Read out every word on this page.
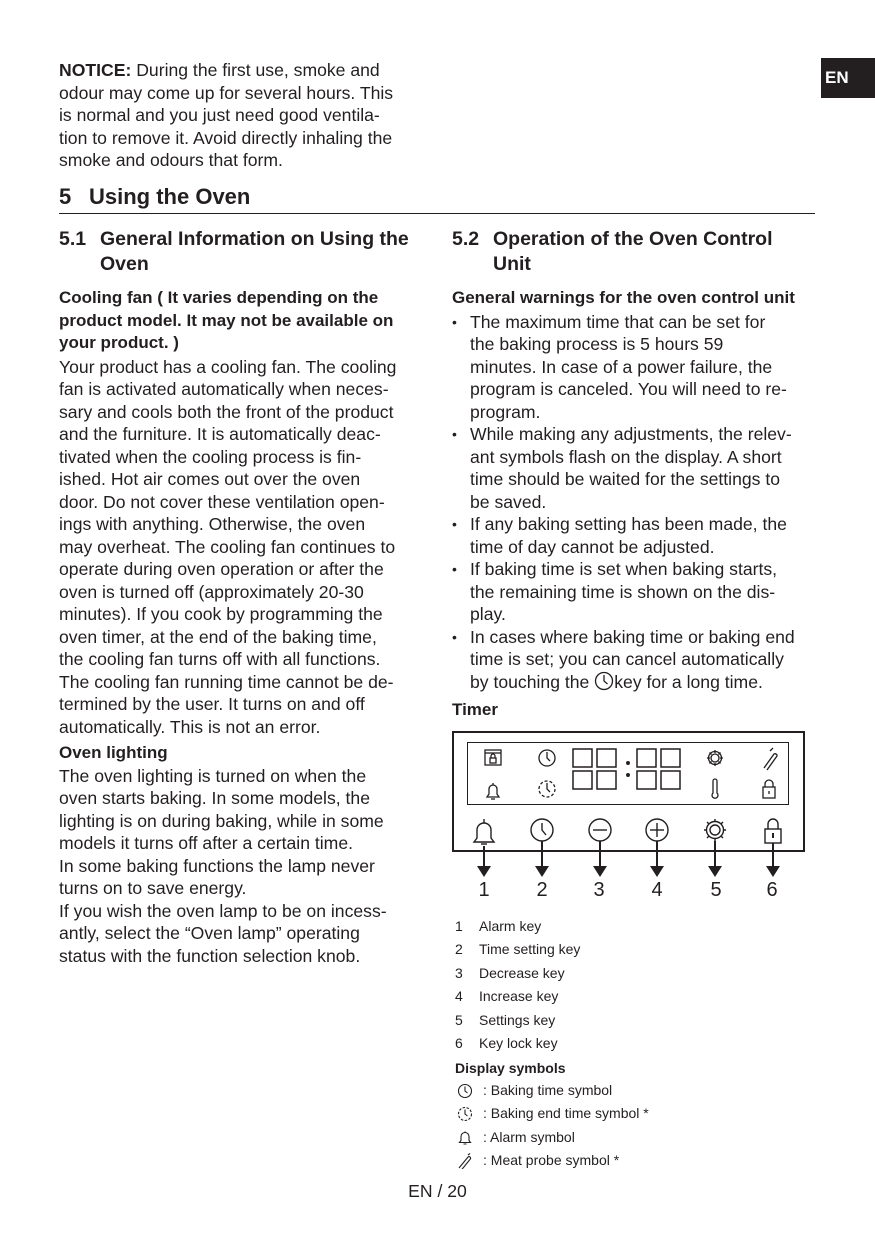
EN

NOTICE: During the first use, smoke and

odour may come up for several hours. This

is normal and you just need good ventila-

tion to remove it. Avoid directly inhaling the

smoke and odours that form.

5 Using the Oven
5.1 General Information on Using the
Oven
Cooling fan ( It varies depending on the
product model. It may not be available on
your product. )

Your product has a cooling fan. The cooling

fan is activated automatically when neces-

sary and cools both the front of the product

and the furniture. It is automatically deac-

tivated when the cooling process is fin-

ished. Hot air comes out over the oven

door. Do not cover these ventilation open-

ings with anything. Otherwise, the oven

may overheat. The cooling fan continues to

operate during oven operation or after the

oven is turned off (approximately 20-30

minutes). If you cook by programming the

oven timer, at the end of the baking time,

the cooling fan turns off with all functions.

The cooling fan running time cannot be de-

termined by the user. It turns on and off

automatically. This is not an error.

Oven lighting

The oven lighting is turned on when the

oven starts baking. In some models, the

lighting is on during baking, while in some

models it turns off after a certain time.

In some baking functions the lamp never

turns on to save energy.

If you wish the oven lamp to be on incess-

antly, select the “Oven lamp” operating

status with the function selection knob.

5.2 Operation of the Oven Control
Unit
General warnings for the oven control unit
• The maximum time that can be set for
the baking process is 5 hours 59
minutes. In case of a power failure, the
program is canceled. You will need to re-
program.
• While making any adjustments, the relev-
ant symbols flash on the display. A short
time should be waited for the settings to
be saved.
• If any baking setting has been made, the
time of day cannot be adjusted.
• If baking time is set when baking starts,
the remaining time is shown on the dis-
play.
• In cases where baking time or baking end
time is set; you can cancel automatically
by touching the key for a long time.
Timer
1 2 3 4 5 6
1	Alarm key
2	Time setting key
3	Decrease key
4	Increase key
5	Settings key
6	Key lock key
Display symbols
: Baking time symbol
: Baking end time symbol *
: Alarm symbol
: Meat probe symbol *
EN / 20
